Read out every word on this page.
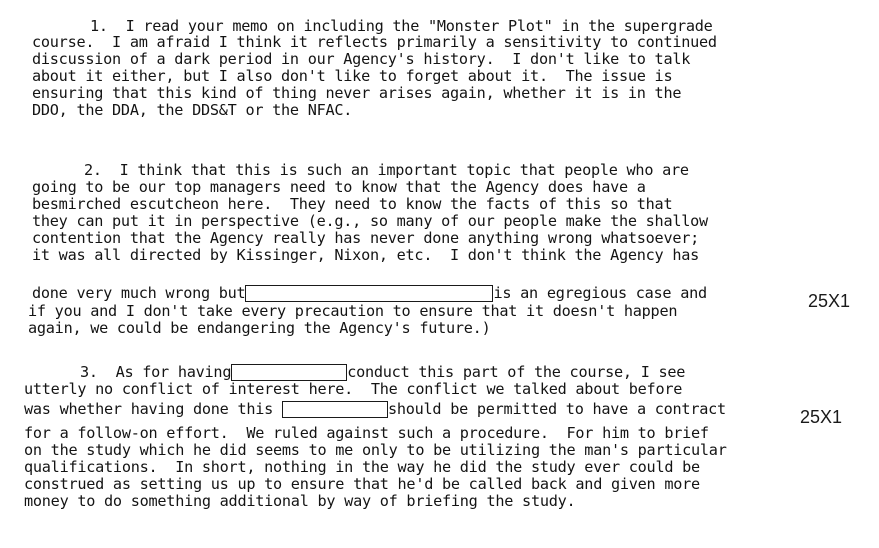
1. I read your memo on including the "Monster Plot" in the supergrade
course.  I am afraid I think it reflects primarily a sensitivity to continued
discussion of a dark period in our Agency's history.  I don't like to talk
about it either, but I also don't like to forget about it.  The issue is
ensuring that this kind of thing never arises again, whether it is in the
DDO, the DDA, the DDS&T or the NFAC.
2. I think that this is such an important topic that people who are
going to be our top managers need to know that the Agency does have a
besmirched escutcheon here.  They need to know the facts of this so that
they can put it in perspective (e.g., so many of our people make the shallow
contention that the Agency really has never done anything wrong whatsoever;
it was all directed by Kissinger, Nixon, etc.  I don't think the Agency has
done very much wrong but	is an egregious case and
if you and I don't take every precaution to ensure that it doesn't happen
again, we could be endangering the Agency's future.)
3. As for having	conduct this part of the course, I see
utterly no conflict of interest here.  The conflict we talked about before
was whether having done this	should be permitted to have a contract
for a follow-on effort.  We ruled against such a procedure.  For him to brief
on the study which he did seems to me only to be utilizing the man's particular
qualifications.  In short, nothing in the way he did the study ever could be
construed as setting us up to ensure that he'd be called back and given more
money to do something additional by way of briefing the study.
25X1
25X1
